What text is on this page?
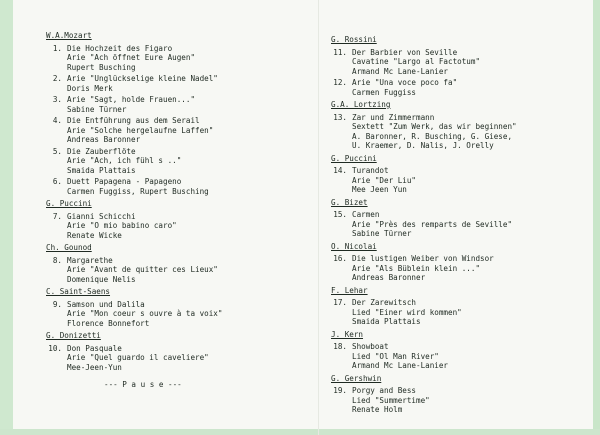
W.A.Mozart
1. Die Hochzeit des Figaro
Arie "Ach öffnet Eure Augen"
Rupert Busching
2. Arie "Unglückselige kleine Nadel"
Doris Merk
3. Arie "Sagt, holde Frauen..."
Sabine Türner
4. Die Entführung aus dem Serail
Arie "Solche hergelaufne Laffen"
Andreas Baronner
5. Die Zauberflöte
Arie "Ach, ich fühl s .."
Smaida Plattais
6. Duett Papagena - Papageno
Carmen Fuggiss, Rupert Busching
G. Puccini
7. Gianni Schicchi
Arie "O mio babino caro"
Renate Wicke
Ch. Gounod
8. Margarethe
Arie "Avant de quitter ces Lieux"
Domenique Nelis
C. Saint-Saens
9. Samson und Dalila
Arie "Mon coeur s ouvre à ta voix"
Florence Bonnefort
G. Donizetti
10. Don Pasquale
Arie "Quel guardo il caveliere"
Mee-Jeen-Yun
--- P a u s e ---
G. Rossini
11. Der Barbier von Seville
Cavatine "Largo al Factotum"
Armand Mc Lane-Lanier
12. Arie "Una voce poco fa"
Carmen Fuggiss
G.A. Lortzing
13. Zar und Zimmermann
Sextett "Zum Werk, das wir beginnen"
A. Baronner, R. Busching, G. Giese,
U. Kraemer, D. Nalis, J. Orelly
G. Puccini
14. Turandot
Arie "Der Liu"
Mee Jeen Yun
G. Bizet
15. Carmen
Arie "Près des remparts de Seville"
Sabine Türner
O. Nicolai
16. Die lustigen Weiber von Windsor
Arie "Als Büblein klein ..."
Andreas Baronner
F. Lehar
17. Der Zarewitsch
Lied "Einer wird kommen"
Smaida Plattais
J. Kern
18. Showboat
Lied "Ol Man River"
Armand Mc Lane-Lanier
G. Gershwin
19. Porgy and Bess
Lied "Summertime"
Renate Holm
